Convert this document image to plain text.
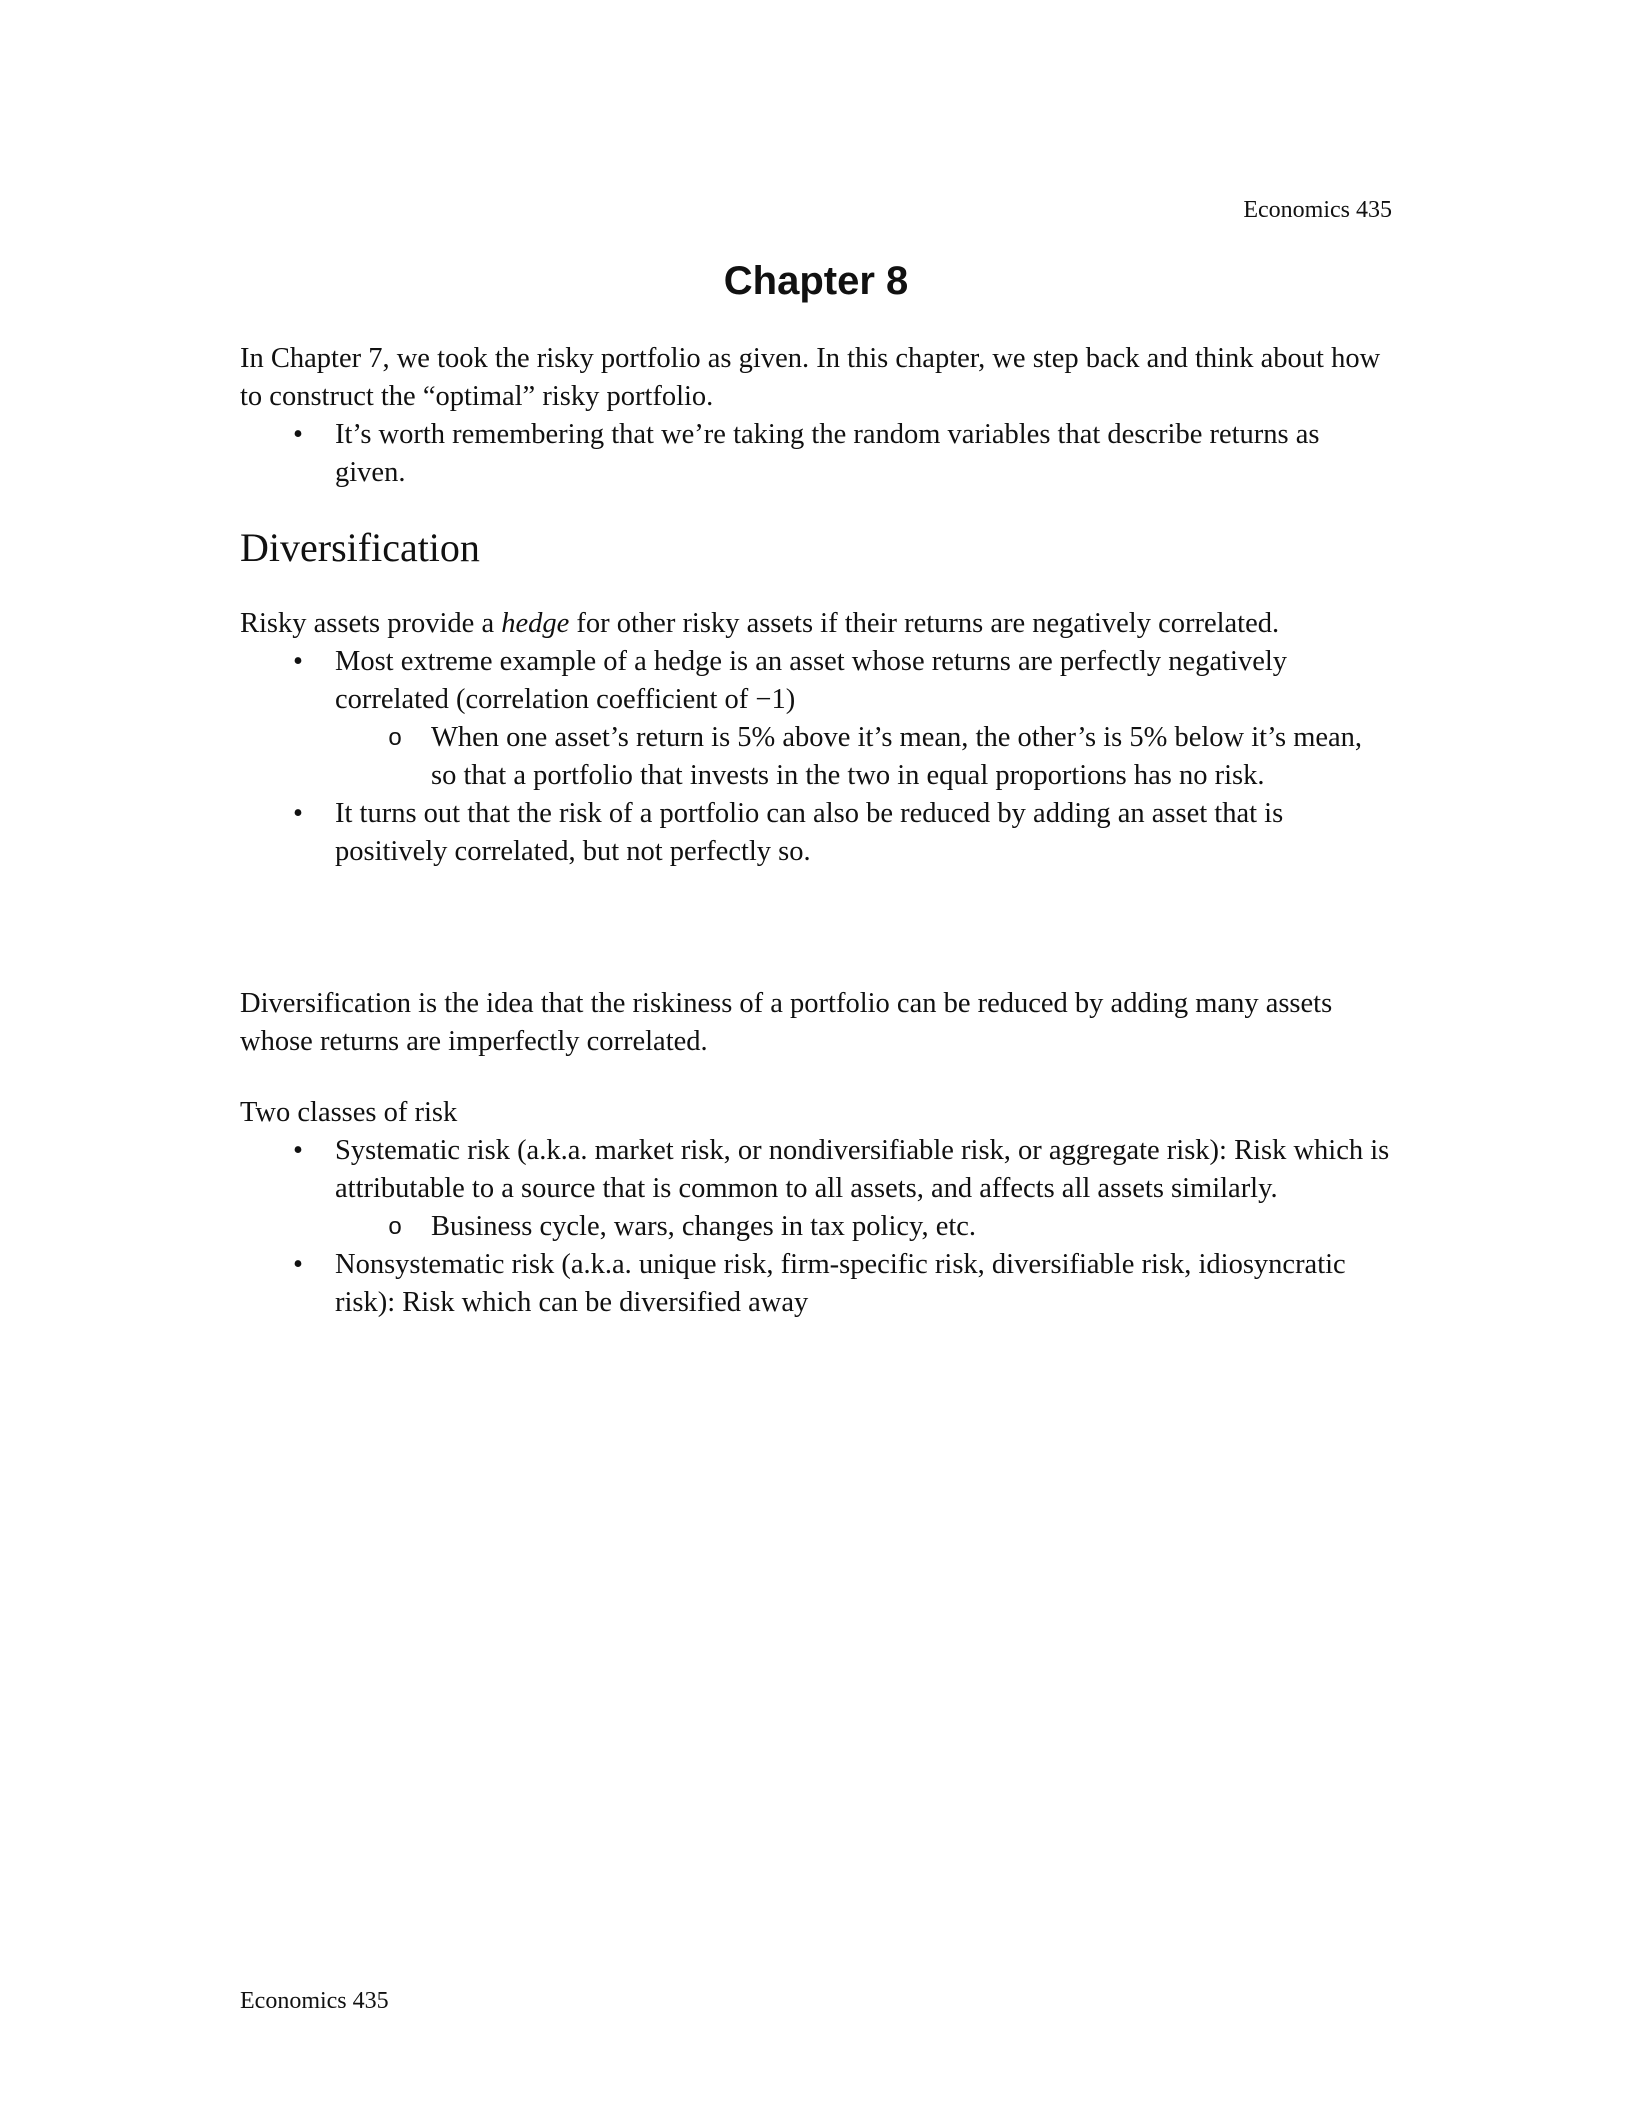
Economics 435
Chapter 8

In Chapter 7, we took the risky portfolio as given. In this chapter, we step back and think about how to construct the “optimal” risky portfolio.

• It’s worth remembering that we’re taking the random variables that describe returns as given.
Diversification

Risky assets provide a hedge for other risky assets if their returns are negatively correlated.

• Most extreme example of a hedge is an asset whose returns are perfectly negatively correlated (correlation coefficient of −1)
o When one asset’s return is 5% above it’s mean, the other’s is 5% below it’s mean, so that a portfolio that invests in the two in equal proportions has no risk.
• It turns out that the risk of a portfolio can also be reduced by adding an asset that is positively correlated, but not perfectly so.

Diversification is the idea that the riskiness of a portfolio can be reduced by adding many assets whose returns are imperfectly correlated.

Two classes of risk

• Systematic risk (a.k.a. market risk, or nondiversifiable risk, or aggregate risk): Risk which is attributable to a source that is common to all assets, and affects all assets similarly.
o Business cycle, wars, changes in tax policy, etc.
• Nonsystematic risk (a.k.a. unique risk, firm-specific risk, diversifiable risk, idiosyncratic risk): Risk which can be diversified away
Economics 435
